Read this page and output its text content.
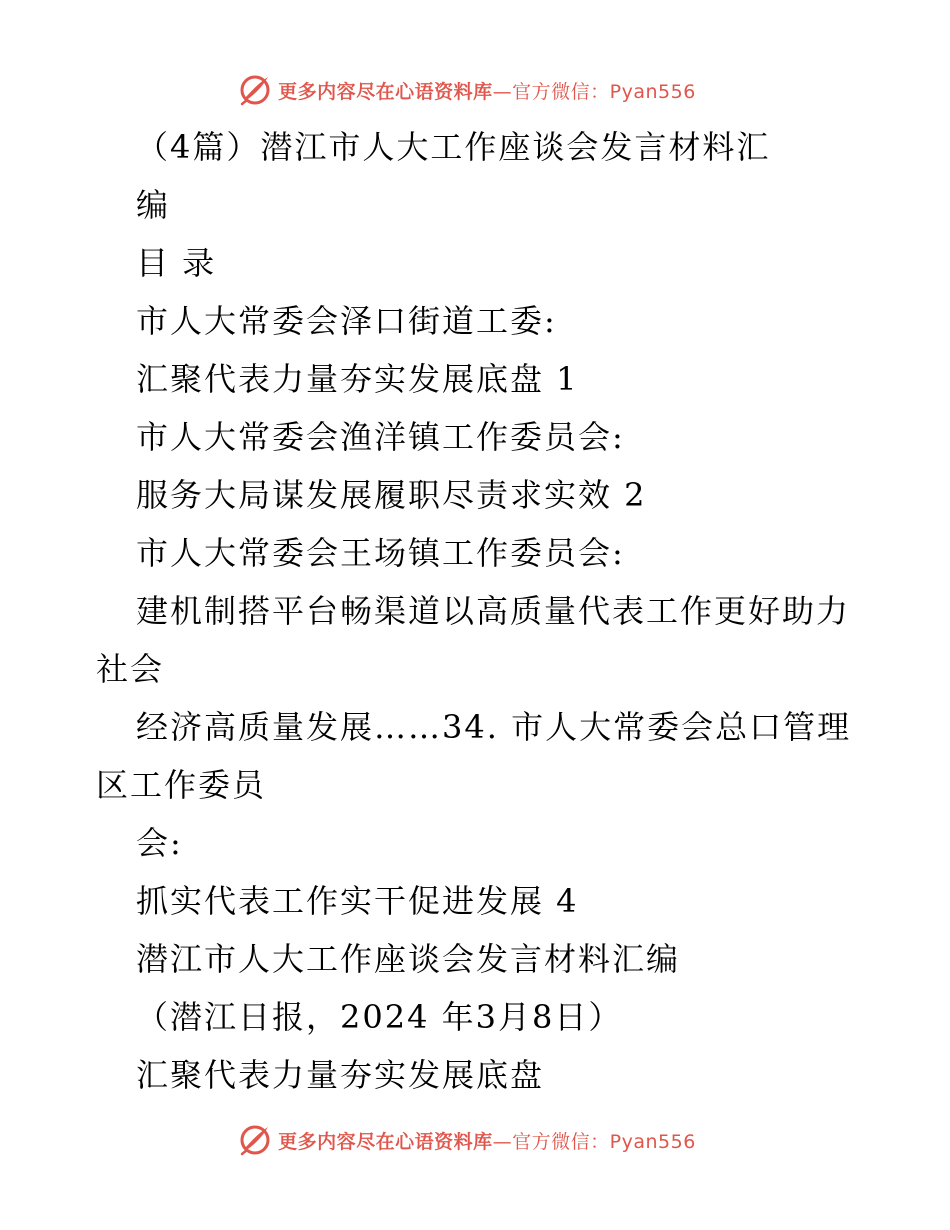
更多内容尽在心语资料库—官方微信：Pyan556

（4篇）潜江市人大工作座谈会发言材料汇

编

目 录

市人大常委会泽口街道工委:

汇聚代表力量夯实发展底盘 1

市人大常委会渔洋镇工作委员会:

服务大局谋发展履职尽责求实效 2

市人大常委会王场镇工作委员会:

建机制搭平台畅渠道以高质量代表工作更好助力

社会

经济高质量发展……34. 市人大常委会总口管理

区工作委员

会:

抓实代表工作实干促进发展 4

潜江市人大工作座谈会发言材料汇编

（潜江日报，2024 年3月8日）

汇聚代表力量夯实发展底盘

更多内容尽在心语资料库—官方微信：Pyan556
